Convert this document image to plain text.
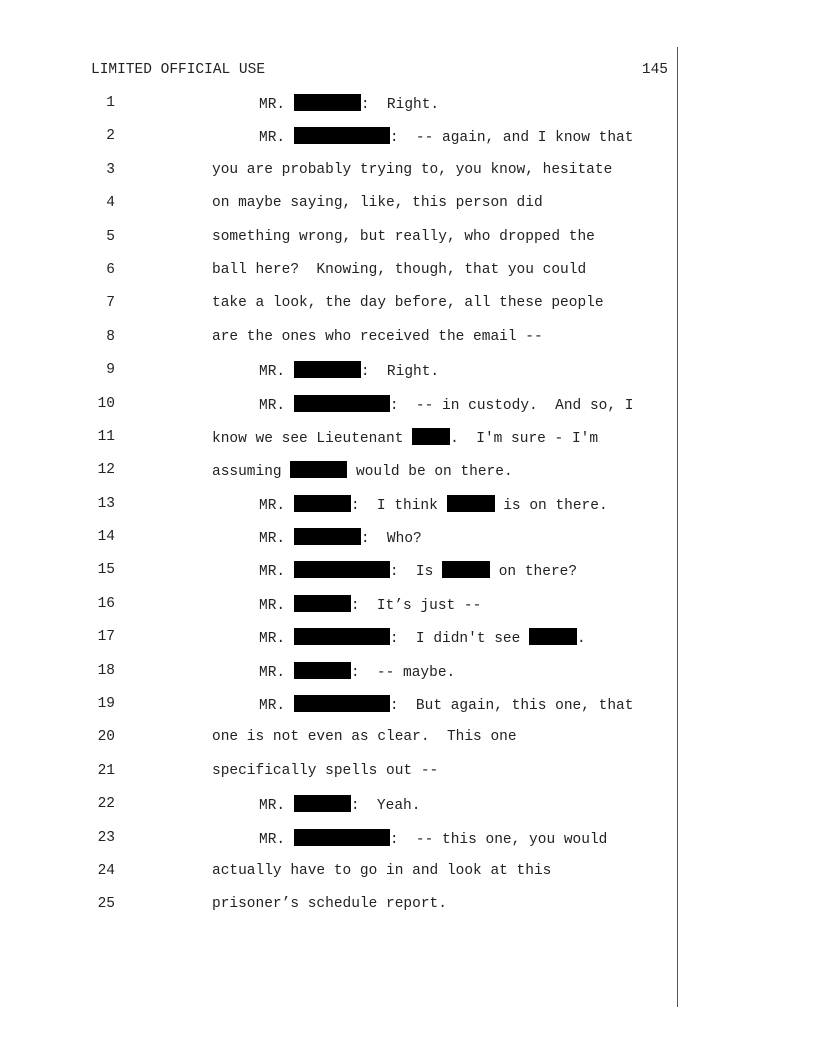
LIMITED OFFICIAL USE	145
1	MR.	:  Right.
2	MR.	:  -- again, and I know that
3	you are probably trying to, you know, hesitate
4	on maybe saying, like, this person did
5	something wrong, but really, who dropped the
6	ball here?  Knowing, though, that you could
7	take a look, the day before, all these people
8	are the ones who received the email --
9	MR.	:  Right.
10	MR.	:  -- in custody.  And so, I
11	know we see Lieutenant	.  I'm sure - I'm
12	assuming	would be on there.
13	MR.	:  I think	is on there.
14	MR.	:  Who?
15	MR.	:  Is	on there?
16	MR.	:  It’s just --
17	MR.	:  I didn't see	.
18	MR.	:  -- maybe.
19	MR.	:  But again, this one, that
20	one is not even as clear.  This one
21	specifically spells out --
22	MR.	:  Yeah.
23	MR.	:  -- this one, you would
24	actually have to go in and look at this
25	prisoner’s schedule report.
